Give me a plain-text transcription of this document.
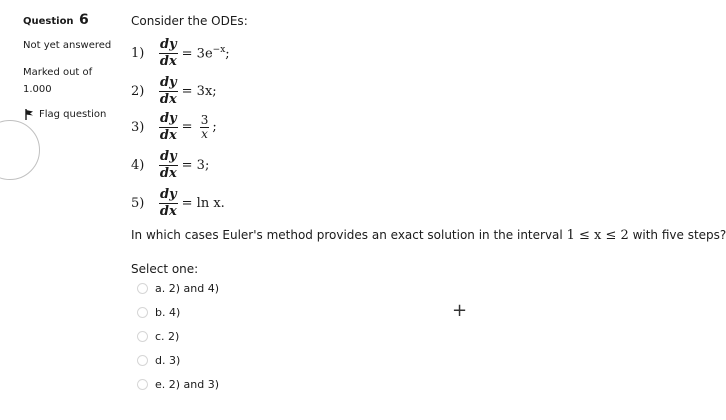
Question 6
Not yet answered
Marked out of
1.000
Flag question
Consider the ODEs:
1)	$\frac{dy}{dx} = 3e^{-x}$;
2)	$\frac{dy}{dx} = 3x$;
3)	$\frac{dy}{dx} = \frac{3}{x}$ ;
4)	$\frac{dy}{dx} = 3$;
5)	$\frac{dy}{dx} = \ln x$.
In which cases Euler's method provides an exact solution in the interval 1 ≤ x ≤ 2 with five steps?
Select one:
a. 2) and 4)
b. 4)
c. 2)
d. 3)
e. 2) and 3)
+
